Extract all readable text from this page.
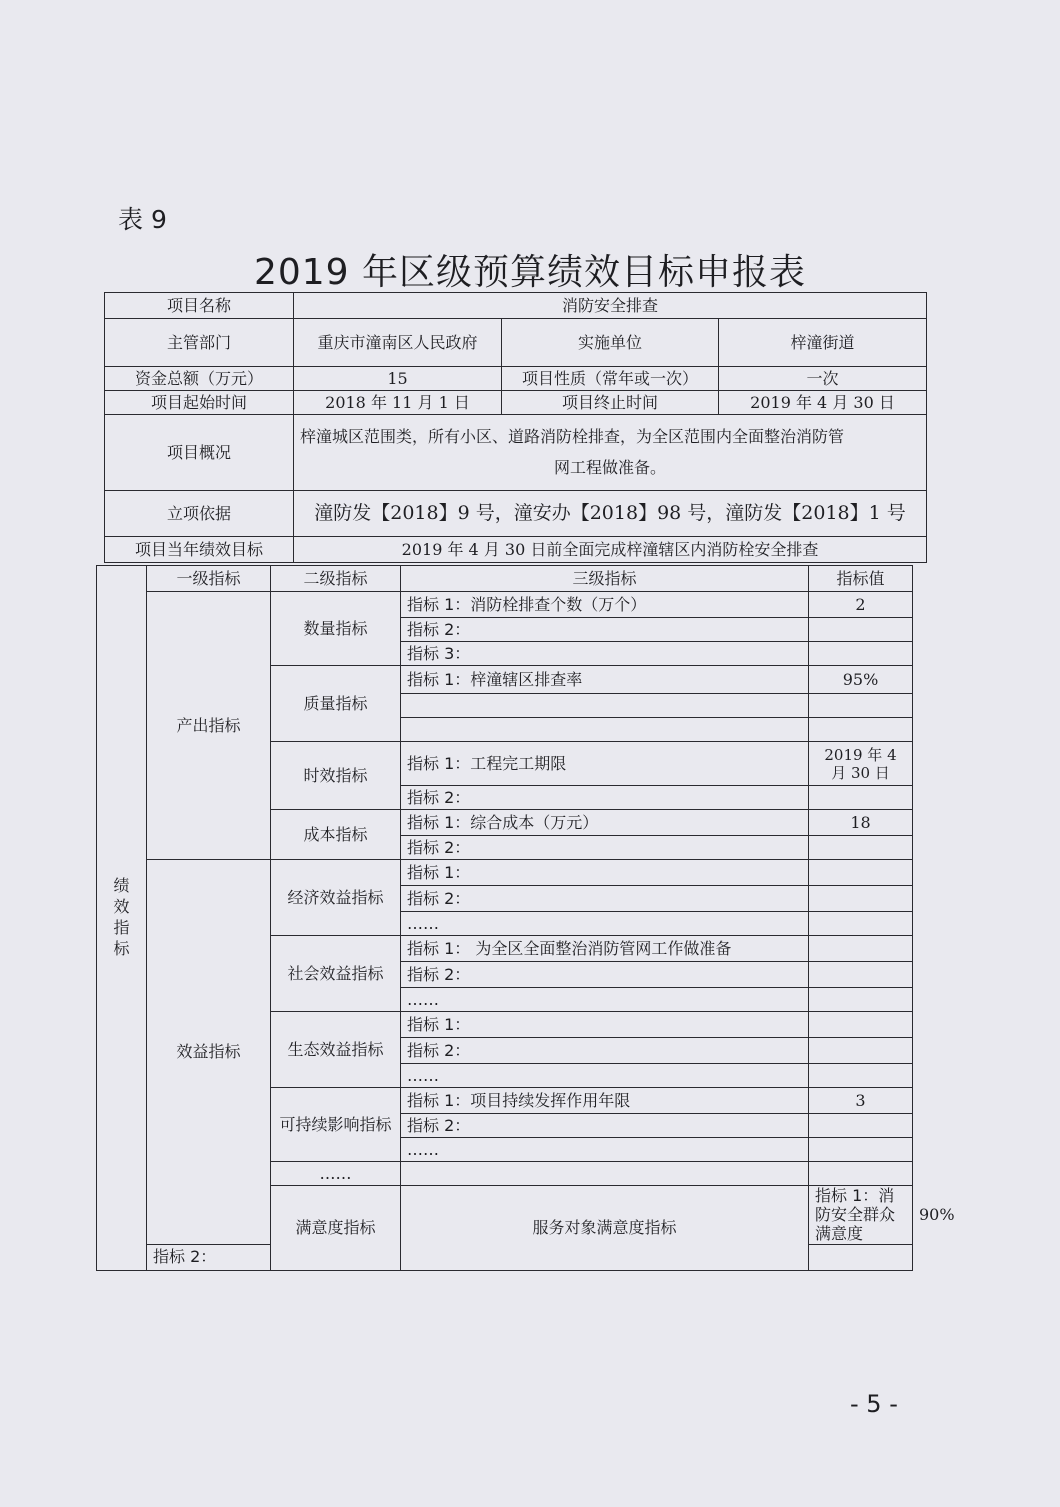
表 9
2019 年区级预算绩效目标申报表
项目名称	消防安全排查		
主管部门	重庆市潼南区人民政府	实施单位	梓潼街道
资金总额（万元）	15	项目性质（常年或一次）	一次
项目起始时间	2018 年 11 月 1 日	项目终止时间	2019 年 4 月 30 日
项目概况	梓潼城区范围类，所有小区、道路消防栓排查，为全区范围内全面整治消防管
网工程做准备。		

立项依据	潼防发【2018】9 号，潼安办【2018】98 号，潼防发【2018】1 号		
项目当年绩效目标	2019 年 4 月 30 日前全面完成梓潼辖区内消防栓安全排查		
绩效指标	一级指标	二级指标	三级指标	指标值	
	产出指标	数量指标	指标 1：消防栓排查个数（万个）	2	
			指标 2：		
			指标 3：		
		质量指标	指标 1：梓潼辖区排查率	95%	

		时效指标	指标 1：工程完工期限	2019 年 4 月 30 日	
			指标 2：		
		成本指标	指标 1：综合成本（万元）	18	
			指标 2：		
	效益指标	经济效益指标	指标 1：		
			指标 2：		
			……		
		社会效益指标	指标 1： 为全区全面整治消防管网工作做准备		
			指标 2：		
			……		
		生态效益指标	指标 1：		
			指标 2：		
			……		
		可持续影响指标	指标 1：项目持续发挥作用年限	3	
			指标 2：		
			……		
		……			
		满意度指标	服务对象满意度指标	指标 1：消防安全群众满意度	90%
	指标 2：				
- 5 -
